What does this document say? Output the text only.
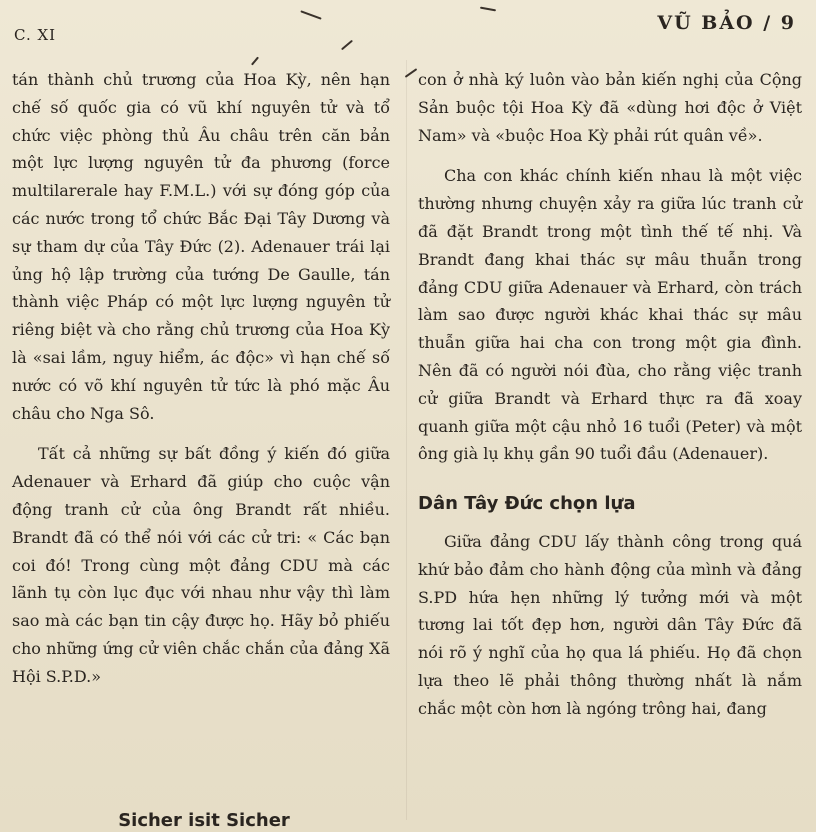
C. XI
VŨ BẢO / 9

tán thành chủ trương của Hoa Kỳ, nên hạn chế số quốc gia có vũ khí nguyên tử và tổ chức việc phòng thủ Âu châu trên căn bản một lực lượng nguyên tử đa phương (force multilarerale hay F.M.L.) với sự đóng góp của các nước trong tổ chức Bắc Đại Tây Dương và sự tham dự của Tây Đức (2). Adenauer trái lại ủng hộ lập trường của tướng De Gaulle, tán thành việc Pháp có một lực lượng nguyên tử riêng biệt và cho rằng chủ trương của Hoa Kỳ là «sai lầm, nguy hiểm, ác độc» vì hạn chế số nước có võ khí nguyên tử tức là phó mặc Âu châu cho Nga Sô.

Tất cả những sự bất đồng ý kiến đó giữa Adenauer và Erhard đã giúp cho cuộc vận động tranh cử của ông Brandt rất nhiều. Brandt đã có thể nói với các cử tri: « Các bạn coi đó! Trong cùng một đảng CDU mà các lãnh tụ còn lục đục với nhau như vậy thì làm sao mà các bạn tin cậy được họ. Hãy bỏ phiếu cho những ứng cử viên chắc chắn của đảng Xã Hội S.P.D.»

Sicher isit Sicher

con ở nhà ký luôn vào bản kiến nghị của Cộng Sản buộc tội Hoa Kỳ đã «dùng hơi độc ở Việt Nam» và «buộc Hoa Kỳ phải rút quân về».

Cha con khác chính kiến nhau là một việc thường nhưng chuyện xảy ra giữa lúc tranh cử đã đặt Brandt trong một tình thế tế nhị. Và Brandt đang khai thác sự mâu thuẫn trong đảng CDU giữa Adenauer và Erhard, còn trách làm sao được người khác khai thác sự mâu thuẫn giữa hai cha con trong một gia đình. Nên đã có người nói đùa, cho rằng việc tranh cử giữa Brandt và Erhard thực ra đã xoay quanh giữa một cậu nhỏ 16 tuổi (Peter) và một ông già lụ khụ gần 90 tuổi đầu (Adenauer).

Dân Tây Đức chọn lựa

Giữa đảng CDU lấy thành công trong quá khứ bảo đảm cho hành động của mình và đảng S.PD hứa hẹn những lý tưởng mới và một tương lai tốt đẹp hơn, người dân Tây Đức đã nói rõ ý nghĩ của họ qua lá phiếu. Họ đã chọn lựa theo lẽ phải thông thường nhất là nắm chắc một còn hơn là ngóng trông hai, đang
